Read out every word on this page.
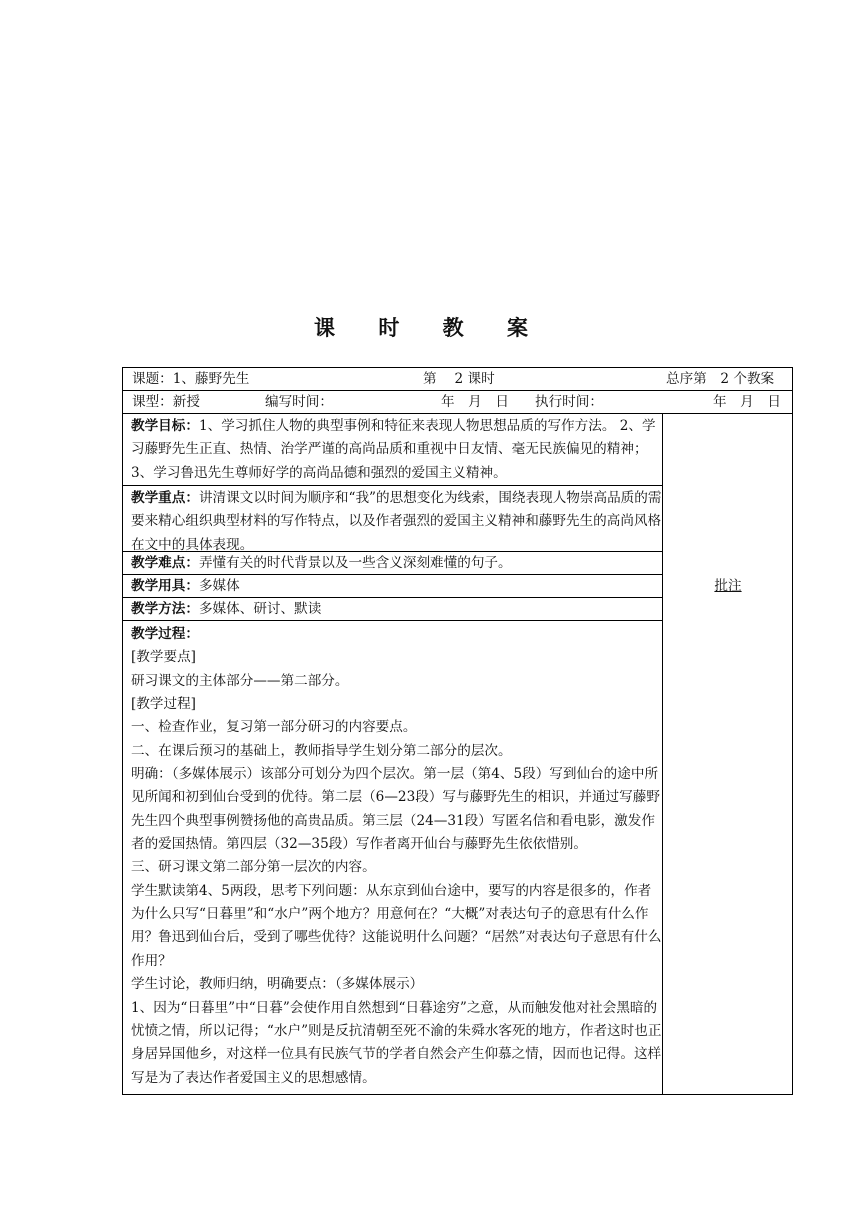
课 时 教 案
课题：1、藤野先生	第　 2 课时	总序第　 2 个教案
课型：新授	编写时间：	年　月　日 执行时间：	年　月　日
教学目标：1、学习抓住人物的典型事例和特征来表现人物思想品质的写作方法。 2、学习藤野先生正直、热情、治学严谨的高尚品质和重视中日友情、毫无民族偏见的精神；3、学习鲁迅先生尊师好学的高尚品德和强烈的爱国主义精神。
教学重点：讲清课文以时间为顺序和“我”的思想变化为线索，围绕表现人物崇高品质的需要来精心组织典型材料的写作特点，以及作者强烈的爱国主义精神和藤野先生的高尚风格在文中的具体表现。
教学难点：弄懂有关的时代背景以及一些含义深刻难懂的句子。
教学用具：多媒体
教学方法：多媒体、研讨、默读
教学过程：

[教学要点]

研习课文的主体部分——第二部分。

[教学过程]

一、检查作业，复习第一部分研习的内容要点。

二、在课后预习的基础上，教师指导学生划分第二部分的层次。

明确：（多媒体展示）该部分可划分为四个层次。第一层（第4、5段）写到仙台的途中所见所闻和初到仙台受到的优待。第二层（6—23段）写与藤野先生的相识，并通过写藤野先生四个典型事例赞扬他的高贵品质。第三层（24—31段）写匿名信和看电影，激发作者的爱国热情。第四层（32—35段）写作者离开仙台与藤野先生依依惜别。

三、研习课文第二部分第一层次的内容。

学生默读第4、5两段，思考下列问题：从东京到仙台途中，要写的内容是很多的，作者为什么只写“日暮里”和“水户”两个地方？用意何在？“大概”对表达句子的意思有什么作用？鲁迅到仙台后，受到了哪些优待？这能说明什么问题？“居然”对表达句子意思有什么作用？

学生讨论，教师归纳，明确要点：（多媒体展示）

1、因为“日暮里”中“日暮”会使作用自然想到“日暮途穷”之意，从而触发他对社会黑暗的忧愤之情，所以记得；“水户”则是反抗清朝至死不渝的朱舜水客死的地方，作者这时也正身居异国他乡，对这样一位具有民族气节的学者自然会产生仰慕之情，因而也记得。这样写是为了表达作者爱国主义的思想感情。

批注
